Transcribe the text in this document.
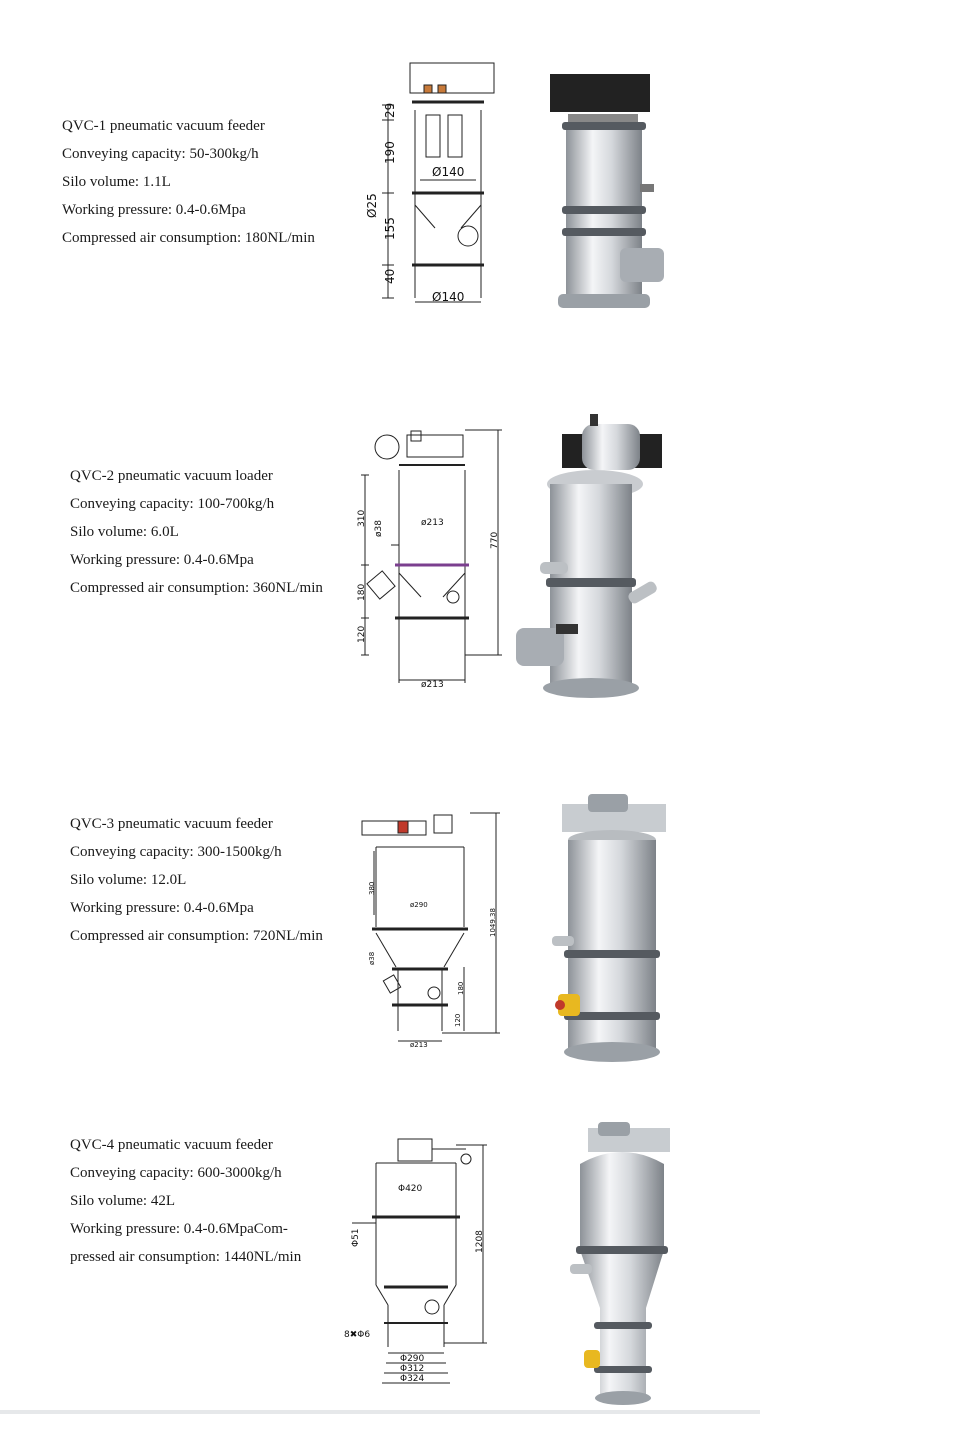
QVC-1 pneumatic vacuum feeder
Conveying capacity: 50-300kg/h
Silo volume: 1.1L
Working pressure: 0.4-0.6Mpa
Compressed air consumption: 180NL/min
29
190
Ø140
Ø25
155
40
Ø140
QVC-2 pneumatic vacuum loader
Conveying capacity: 100-700kg/h
Silo volume: 6.0L
Working pressure: 0.4-0.6Mpa
Compressed air consumption: 360NL/min
310
ø38	ø213
770
180
120
ø213
QVC-3 pneumatic vacuum feeder
Conveying capacity: 300-1500kg/h
Silo volume: 12.0L
Working pressure: 0.4-0.6Mpa
Compressed air consumption: 720NL/min
380
ø290
1049.38
ø38
180
120
ø213
QVC-4 pneumatic vacuum feeder
Conveying capacity: 600-3000kg/h
Silo volume: 42L
Working pressure: 0.4-0.6MpaCom-
pressed air consumption: 1440NL/min
Φ420
Φ51	1208
8✖Φ6
Φ290
Φ312
Φ324
